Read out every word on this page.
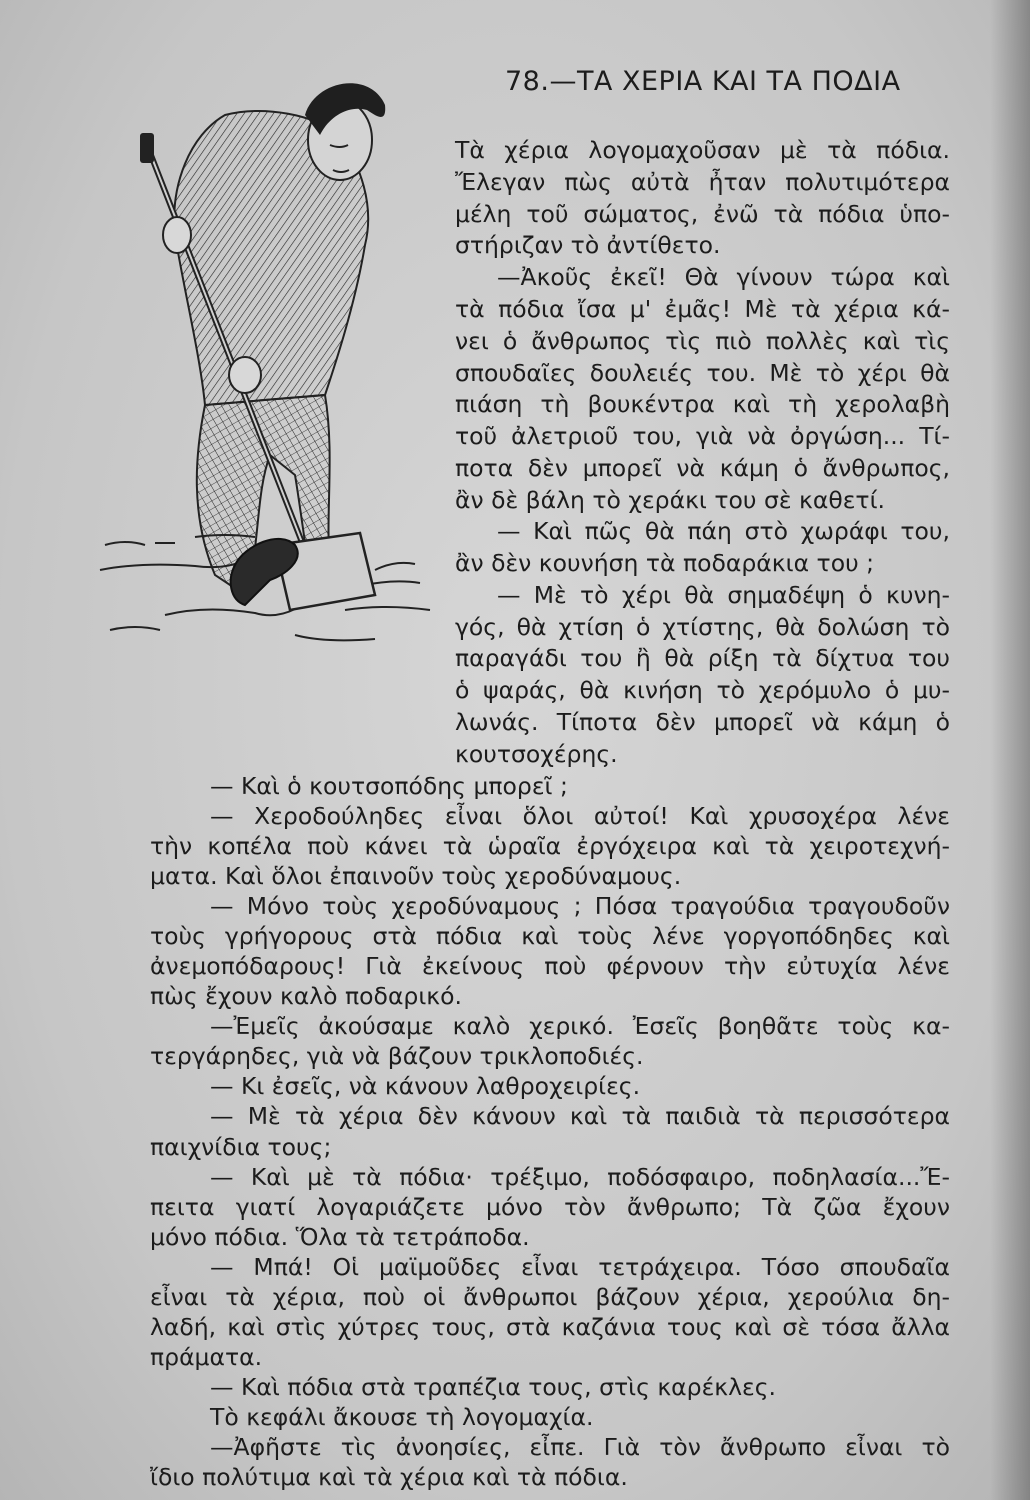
78.—ΤΑ ΧΕΡΙΑ ΚΑΙ ΤΑ ΠΟΔΙΑ
Τὰ χέρια λογομαχοῦσαν μὲ τὰ πόδια.
Ἔλεγαν πὼς αὐτὰ ἦταν πολυτιμότερα
μέλη τοῦ σώματος, ἐνῶ τὰ πόδια ὑπο-
στήριζαν τὸ ἀντίθετο.
—Ἀκοῦς ἐκεῖ! Θὰ γίνουν τώρα καὶ
τὰ πόδια ἴσα μ' ἐμᾶς! Μὲ τὰ χέρια κά-
νει ὁ ἄνθρωπος τὶς πιὸ πολλὲς καὶ τὶς
σπουδαῖες δουλειές του. Μὲ τὸ χέρι θὰ
πιάση τὴ βουκέντρα καὶ τὴ χερολαβὴ
τοῦ ἀλετριοῦ του, γιὰ νὰ ὀργώση... Τί-
ποτα δὲν μπορεῖ νὰ κάμη ὁ ἄνθρωπος,
ἂν δὲ βάλη τὸ χεράκι του σὲ καθετί.
— Καὶ πῶς θὰ πάη στὸ χωράφι του,
ἂν δὲν κουνήση τὰ ποδαράκια του ;
— Μὲ τὸ χέρι θὰ σημαδέψη ὁ κυνη-
γός, θὰ χτίση ὁ χτίστης, θὰ δολώση τὸ
παραγάδι του ἢ θὰ ρίξη τὰ δίχτυα του
ὁ ψαράς, θὰ κινήση τὸ χερόμυλο ὁ μυ-
λωνάς. Τίποτα δὲν μπορεῖ νὰ κάμη ὁ
κουτσοχέρης.
— Καὶ ὁ κουτσοπόδης μπορεῖ ;
— Χεροδούληδες εἶναι ὅλοι αὐτοί! Καὶ χρυσοχέρα λένε
τὴν κοπέλα ποὺ κάνει τὰ ὡραῖα ἐργόχειρα καὶ τὰ χειροτεχνή-
ματα. Καὶ ὅλοι ἐπαινοῦν τοὺς χεροδύναμους.
— Μόνο τοὺς χεροδύναμους ; Πόσα τραγούδια τραγουδοῦν
τοὺς γρήγορους στὰ πόδια καὶ τοὺς λένε γοργοπόδηδες καὶ
ἀνεμοπόδαρους! Γιὰ ἐκείνους ποὺ φέρνουν τὴν εὐτυχία λένε
πὼς ἔχουν καλὸ ποδαρικό.
—Ἐμεῖς ἀκούσαμε καλὸ χερικό. Ἐσεῖς βοηθᾶτε τοὺς κα-
τεργάρηδες, γιὰ νὰ βάζουν τρικλοποδιές.
— Κι ἐσεῖς, νὰ κάνουν λαθροχειρίες.
— Μὲ τὰ χέρια δὲν κάνουν καὶ τὰ παιδιὰ τὰ περισσότερα
παιχνίδια τους;
— Καὶ μὲ τὰ πόδια· τρέξιμο, ποδόσφαιρο, ποδηλασία...Ἔ-
πειτα γιατί λογαριάζετε μόνο τὸν ἄνθρωπο; Τὰ ζῶα ἔχουν
μόνο πόδια. Ὅλα τὰ τετράποδα.
— Μπά! Οἱ μαϊμοῦδες εἶναι τετράχειρα. Τόσο σπουδαῖα
εἶναι τὰ χέρια, ποὺ οἱ ἄνθρωποι βάζουν χέρια, χερούλια δη-
λαδή, καὶ στὶς χύτρες τους, στὰ καζάνια τους καὶ σὲ τόσα ἄλλα
πράματα.
— Καὶ πόδια στὰ τραπέζια τους, στὶς καρέκλες.
Τὸ κεφάλι ἄκουσε τὴ λογομαχία.
—Ἀφῆστε τὶς ἀνοησίες, εἶπε. Γιὰ τὸν ἄνθρωπο εἶναι τὸ
ἴδιο πολύτιμα καὶ τὰ χέρια καὶ τὰ πόδια.
